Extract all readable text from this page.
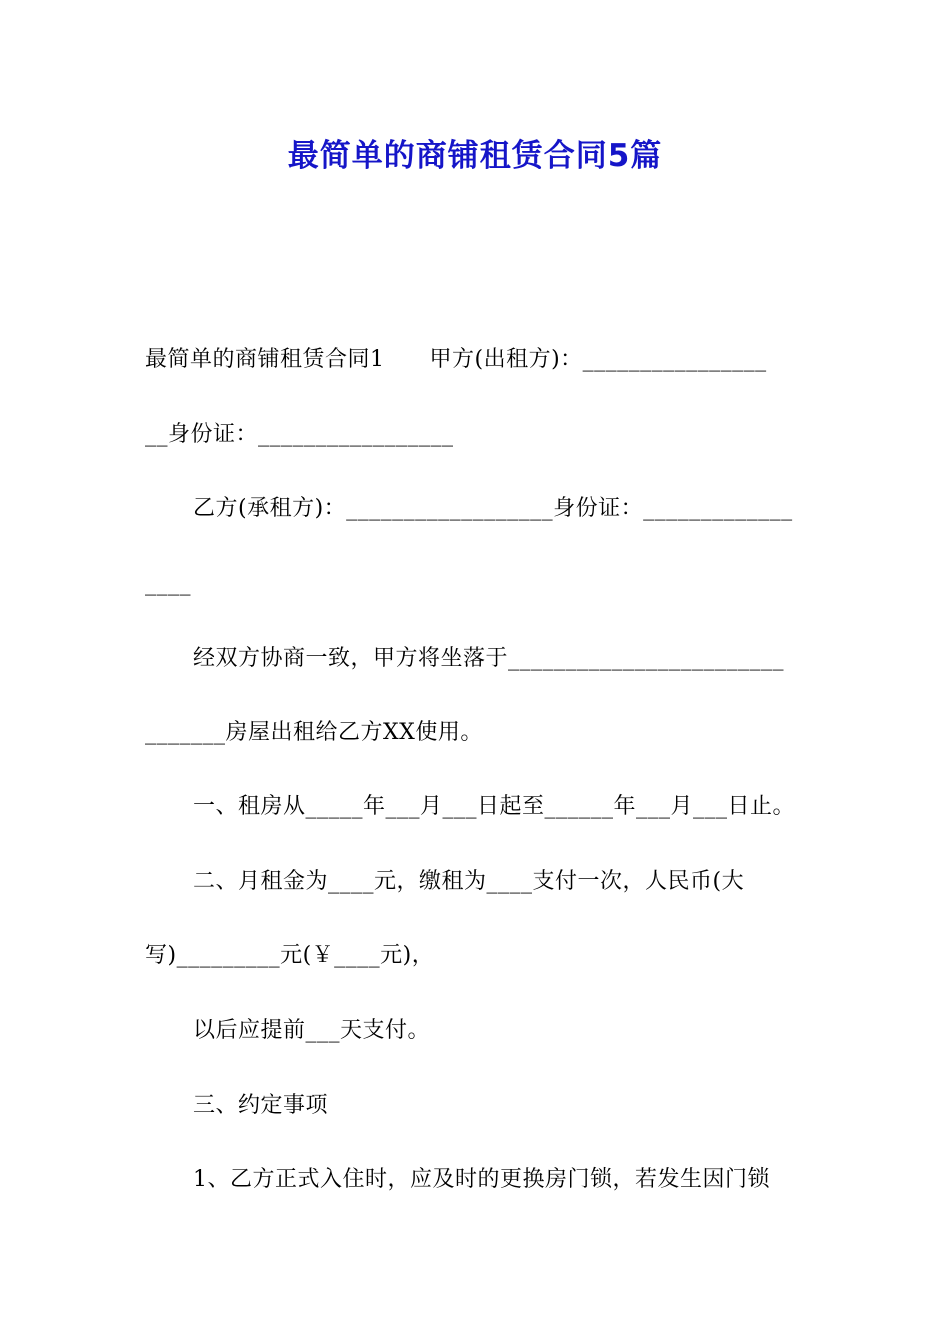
最简单的商铺租赁合同5篇
最简单的商铺租赁合同1　　甲方(出租方)：________________
__身份证：_________________
乙方(承租方)：__________________身份证：_____________
____
经双方协商一致，甲方将坐落于________________________
_______房屋出租给乙方XX使用。
一、租房从_____年___月___日起至______年___月___日止。
二、月租金为____元，缴租为____支付一次，人民币(大
写)_________元(￥____元)，
以后应提前___天支付。
三、约定事项
1、乙方正式入住时，应及时的更换房门锁，若发生因门锁
